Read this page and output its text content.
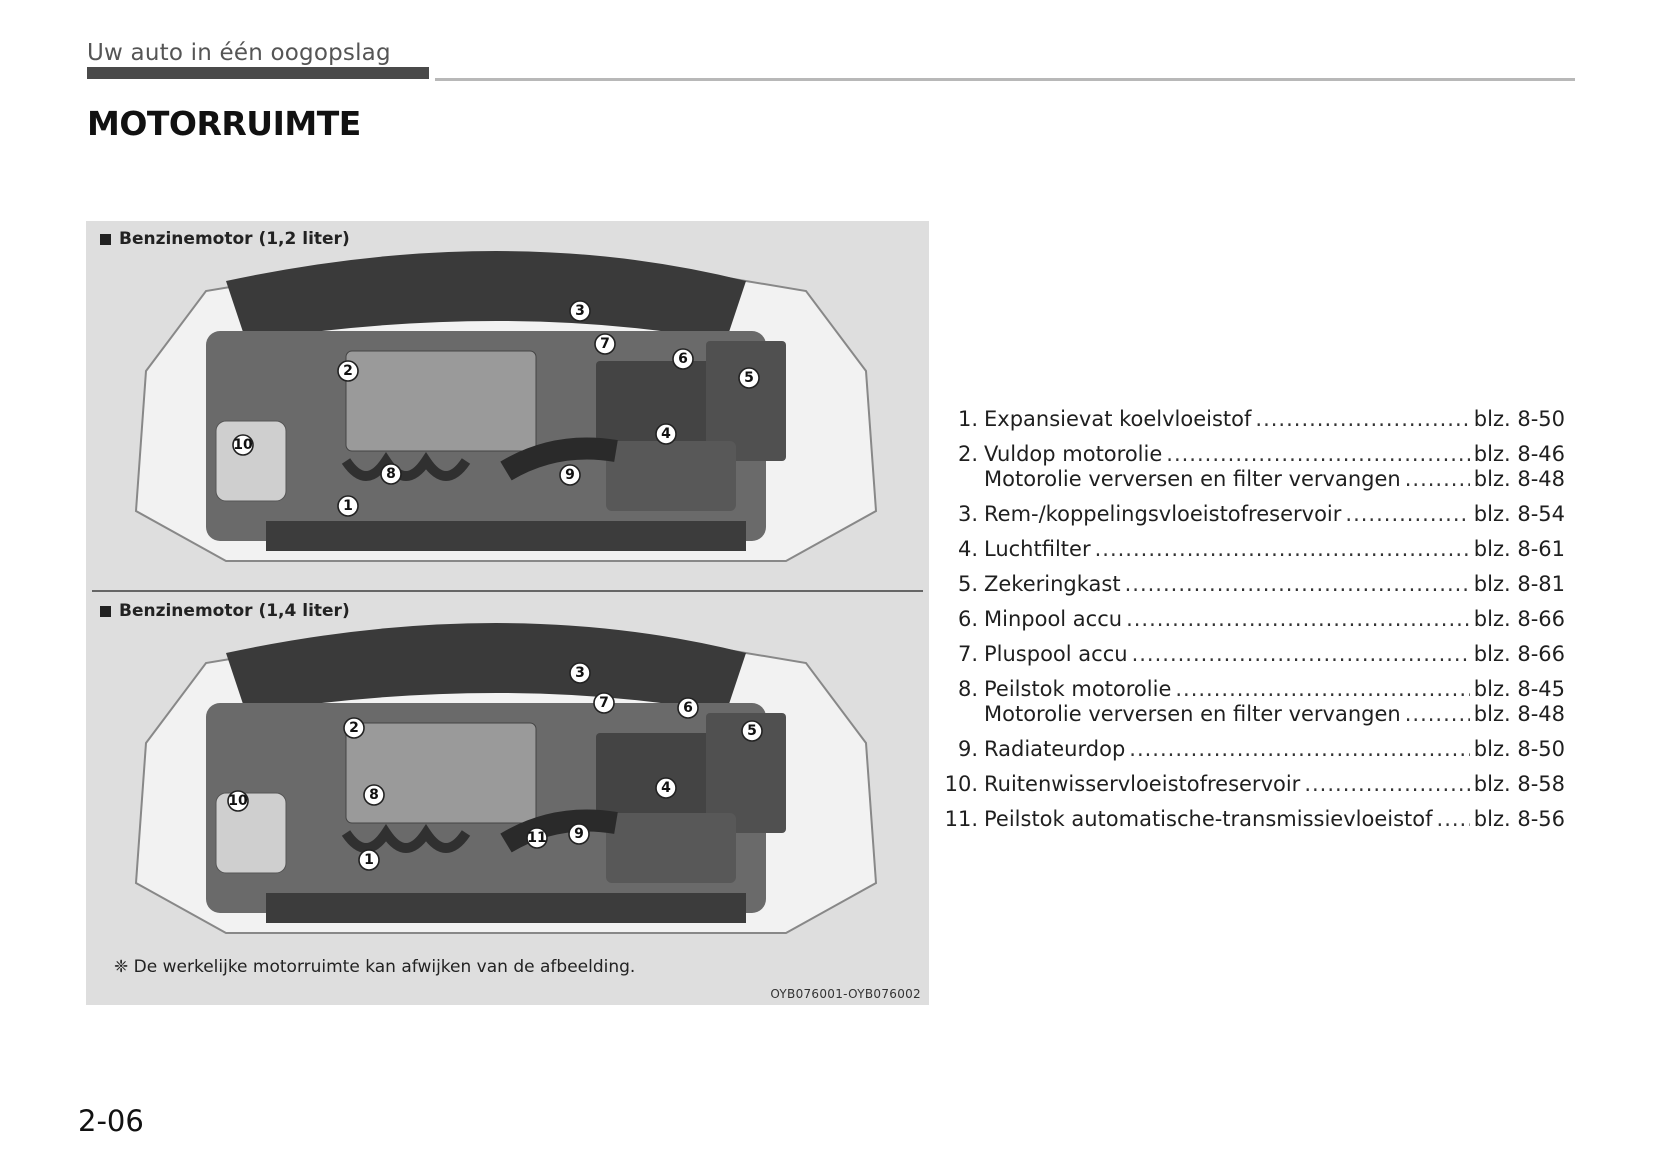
Uw auto in één oogopslag
MOTORRUIMTE
Benzinemotor (1,2 liter)
1
2
3
4
5
6
7
8	9
10
Benzinemotor (1,4 liter)
1
2
3
4
5
6
7
8
9
10
11
❈ De werkelijke motorruimte kan afwijken van de afbeelding.
OYB076001-OYB076002
1. Expansievat koelvloeistof .....	blz. 8-50
2. Vuldop motorolie .....	blz. 8-46
Motorolie verversen en filter vervangen .....	blz. 8-48
3. Rem-/koppelingsvloeistofreservoir .....	blz. 8-54
4. Luchtfilter .....	blz. 8-61
5. Zekeringkast .....	blz. 8-81
6. Minpool accu .....	blz. 8-66
7. Pluspool accu .....	blz. 8-66
8. Peilstok motorolie .....	blz. 8-45
Motorolie verversen en filter vervangen .....	blz. 8-48
9. Radiateurdop .....	blz. 8-50
10. Ruitenwisservloeistofreservoir .....	blz. 8-58
11. Peilstok automatische-transmissievloeistof ..... blz. 8-56
2-06
